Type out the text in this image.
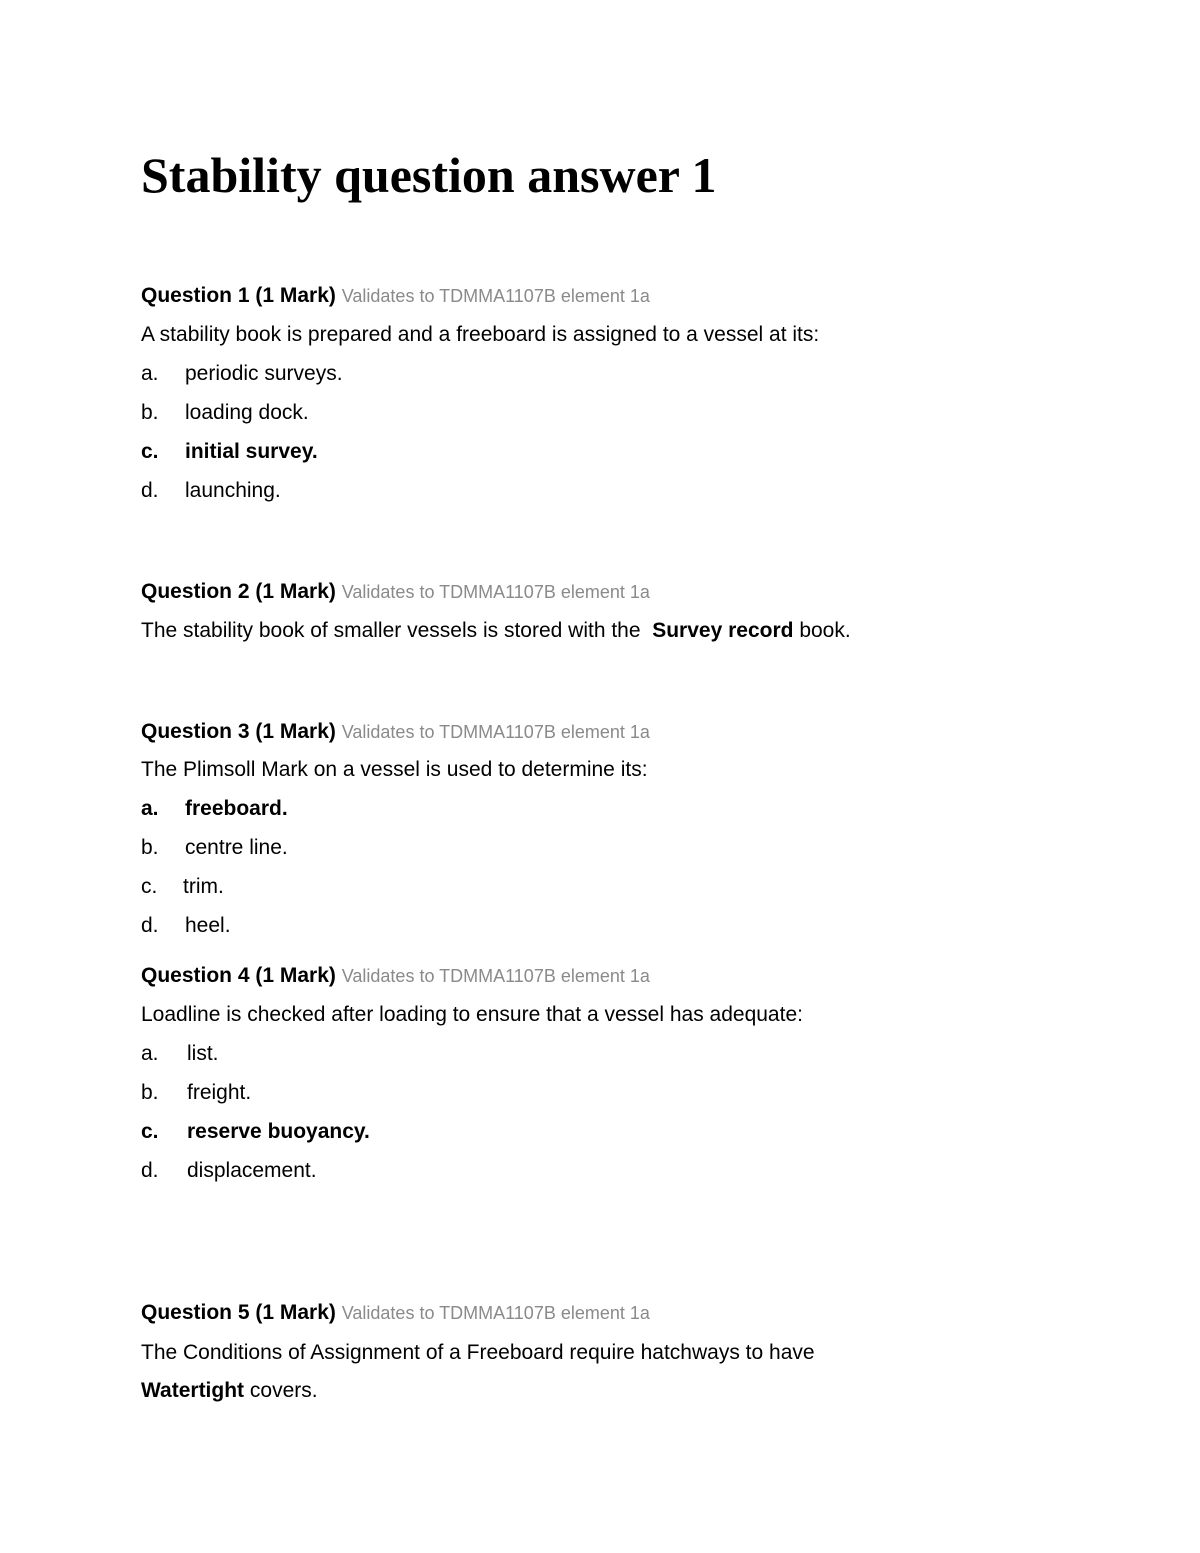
Stability question answer 1
Question 1 (1 Mark) Validates to TDMMA1107B element 1a
A stability book is prepared and a freeboard is assigned to a vessel at its:
a. periodic surveys.
b. loading dock.
c. initial survey.
d. launching.
Question 2 (1 Mark) Validates to TDMMA1107B element 1a
The stability book of smaller vessels is stored with the Survey record book.
Question 3 (1 Mark) Validates to TDMMA1107B element 1a
The Plimsoll Mark on a vessel is used to determine its:
a. freeboard.
b. centre line.
c. trim.
d. heel.
Question 4 (1 Mark) Validates to TDMMA1107B element 1a
Loadline is checked after loading to ensure that a vessel has adequate:
a. list.
b. freight.
c. reserve buoyancy.
d. displacement.
Question 5 (1 Mark) Validates to TDMMA1107B element 1a
The Conditions of Assignment of a Freeboard require hatchways to have
Watertight covers.
